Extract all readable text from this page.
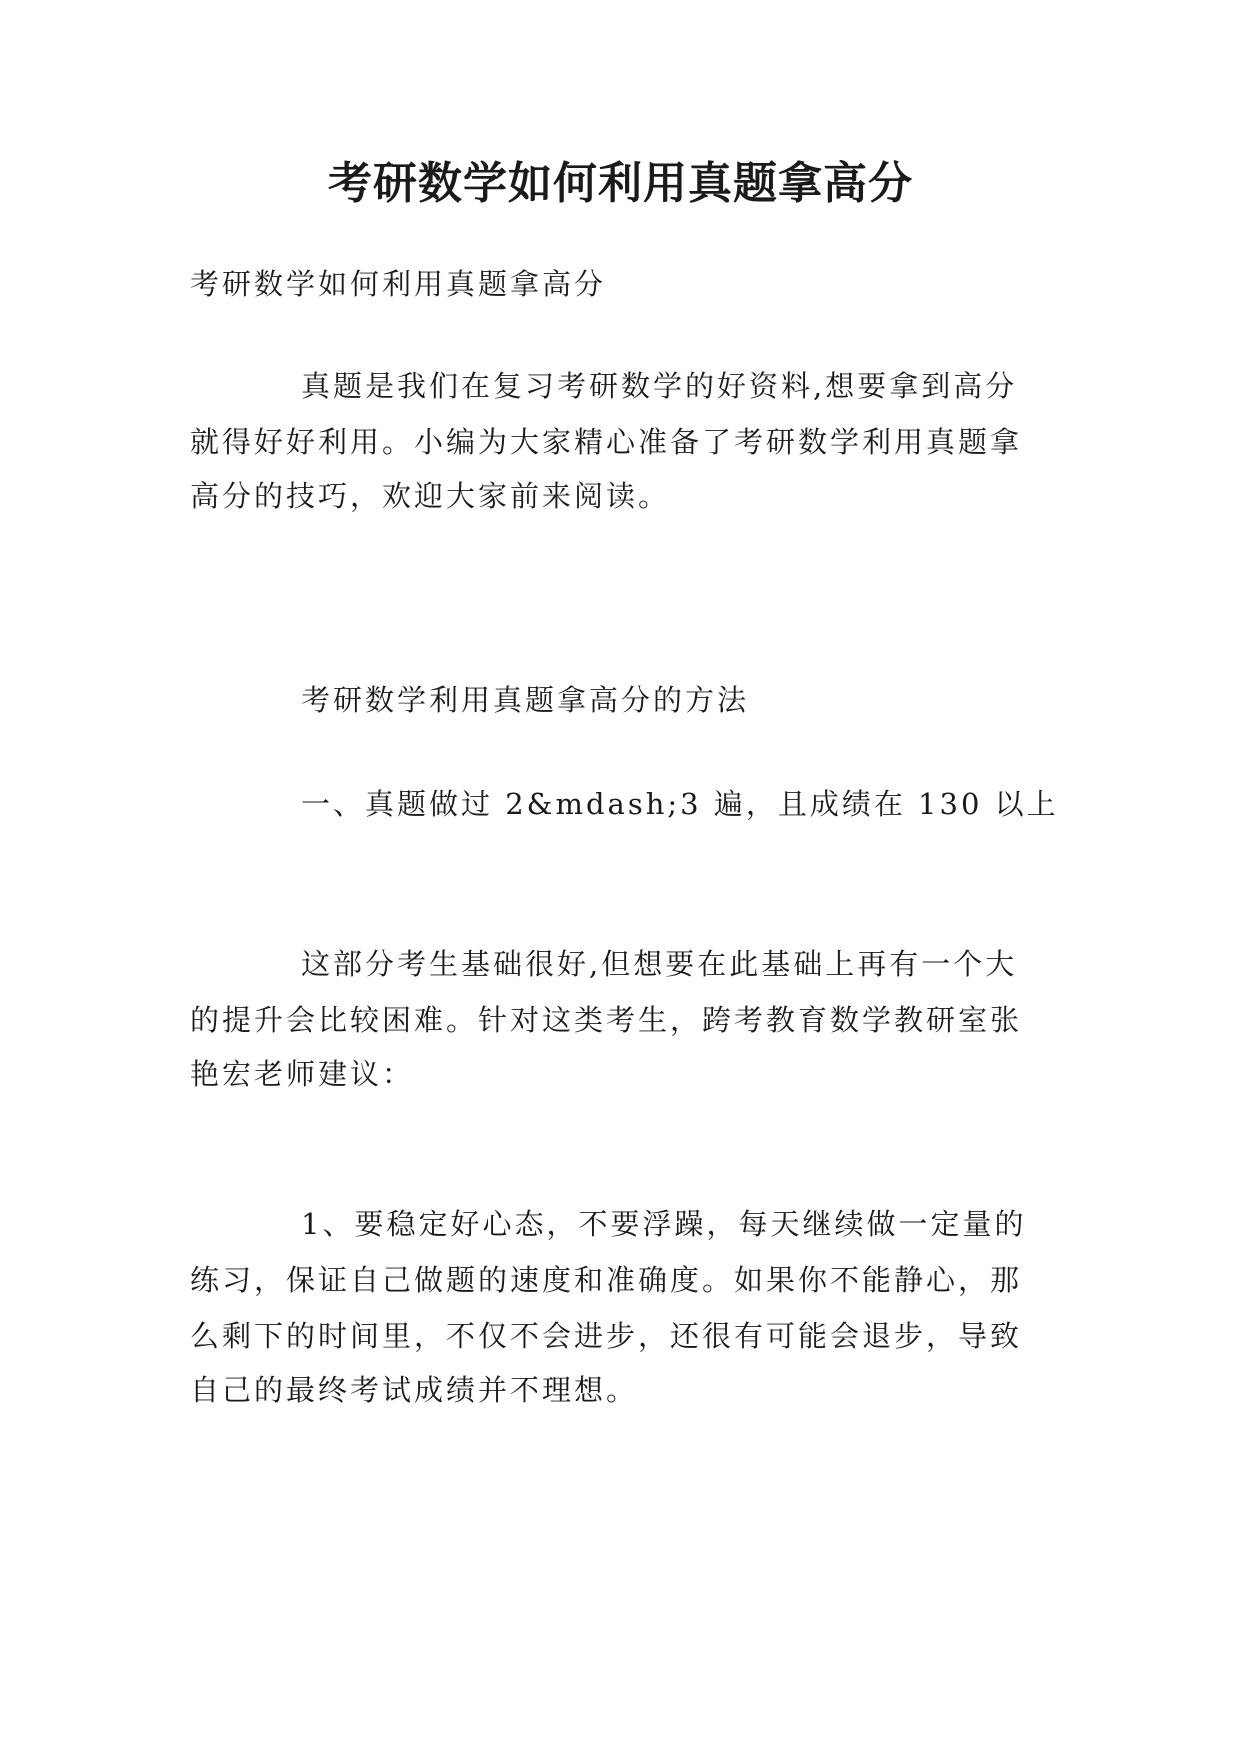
考研数学如何利用真题拿高分
考研数学如何利用真题拿高分
真题是我们在复习考研数学的好资料,想要拿到高分
就得好好利用。小编为大家精心准备了考研数学利用真题拿
高分的技巧，欢迎大家前来阅读。
考研数学利用真题拿高分的方法
一、真题做过 2&mdash;3 遍，且成绩在 130 以上
这部分考生基础很好,但想要在此基础上再有一个大
的提升会比较困难。针对这类考生，跨考教育数学教研室张
艳宏老师建议：
1、要稳定好心态，不要浮躁，每天继续做一定量的
练习，保证自己做题的速度和准确度。如果你不能静心，那
么剩下的时间里，不仅不会进步，还很有可能会退步，导致
自己的最终考试成绩并不理想。
